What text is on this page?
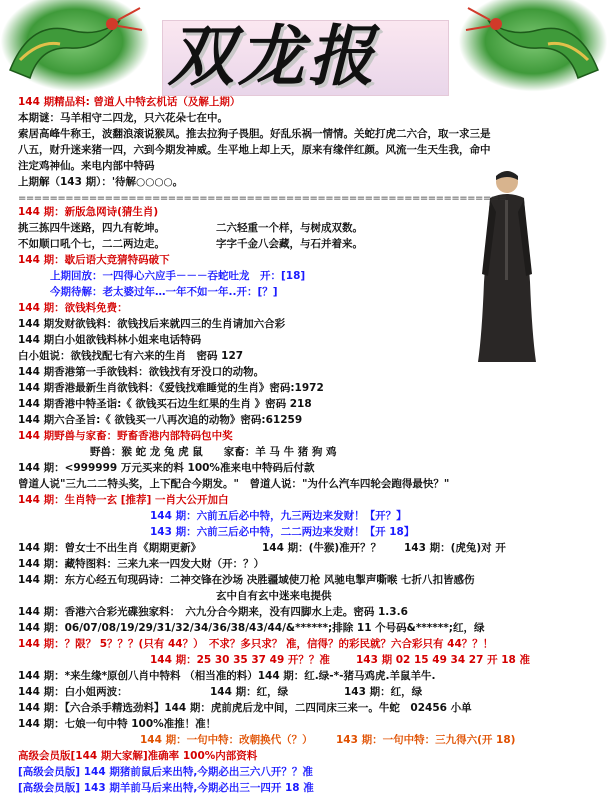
双龙报
144 期精品料: 曾道人中特玄机话（及解上期）
本期谜：马羊相守二四龙，只六花朵七在中。
索居高峰牛称王，波翻浪滚说猴凤。推去拉狗子畏胆。好乱乐祸一情情。关蛇打虎二六合，取一求三是
八五，财升迷来猪一四，六到今期发神威。生平地上却上天，原来有缘伴红颜。风流一生天生我，命中
注定鸡神仙。来电内部中特码
上期解（143 期）：'待解○○○○。
==============================================================
144 期：新版急网诗(猜生肖)
挑三拣四牛迷路，四九有乾坤。	二六轻重一个样，与树成双数。
不如顺口吼个七，二二两边走。	字字千金八会藏，与石并着来。
144 期：歇后语大竞猜特码破下
上期回放：一四得心六应手－－－吞蛇吐龙　开：[18]
今期待解：老太婆过年…一年不如一年..开：[？]
144 期：欲钱料免费：
144 期发财欲钱料：欲钱找后来就四三的生肖请加六合彩
144 期白小姐欲钱料林小姐来电话特码
白小姐说：欲钱找配七有六来的生肖　密码 127
144 期香港第一手欲钱料：欲钱找有牙没口的动物。
144 期香港最新生肖欲钱料：《爱钱找难睡觉的生肖》密码:1972
144 期香港中特圣诣:《 欲钱买石边生红果的生肖 》密码 218
144 期六合圣旨:《 欲钱买一八再次追的动物》密码:61259
144 期野兽与家畜：野畜香港内部特码包中奖
野兽：猴 蛇 龙 兔 虎 鼠　　家畜：羊 马 牛 猪 狗 鸡
144 期：<999999 万元买来的料 100%准来电中特码后付款
曾道人说"三九二二特头奖，上下配合今期发。"　曾道人说："为什么汽车四轮会跑得最快？"
144 期：生肖特一玄 [推荐] 一肖大公开加白
144 期：六前五后必中特，九三两边来发财！【开？】
143 期：六前三后必中特，二二两边来发财！【开 18】
144 期：曾女士不出生肖《期期更新》	144 期：(牛猴)准开？？ 143 期：(虎兔)对 开
144 期：藏特图料：三来九来一四发大财（开：？）
144 期：东方心经五句现码诗：二神交锋在沙场 决胜疆域使刀枪 风驰电掣声嘶喉 七折八扣皆感伤
玄中自有玄中迷来电提供
144 期：香港六合彩光碟独家料：　六九分合今期来，没有四脚水上走。密码 1.3.6
144 期：06/07/08/19/29/31/32/34/36/38/43/44/&******;排除 11 个号码&******;红，绿
144 期：？限？ 5？？？(只有 44？）　不求？多只求？ 准，信得？的彩民就？六合彩只有 44？？！
144 期：25 30 35 37 49 开？？准 143 期 02 15 49 34 27 开 18 准
144 期：*来生缘*原创八肖中特料 （相当准的料）144 期：红.绿-*-猪马鸡虎.羊鼠羊牛.
144 期：白小姐两波：	144 期：红，绿	143 期：红，绿
144 期：【六合杀手精选劲料】144 期：虎前虎后龙中间，二四同床三来一。牛蛇　02456 小单
144 期：七娘一句中特 100%准推！准！
144 期：一句中特：改朝换代（？） 143 期：一句中特：三九得六(开 18)
高级会员版[144 期大家解]准确率 100%内部资料
[高级会员版] 144 期猪前鼠后来出特,今期必出三六八开？？准
[高级会员版] 143 期羊前马后来出特,今期必出三一四开 18 准
